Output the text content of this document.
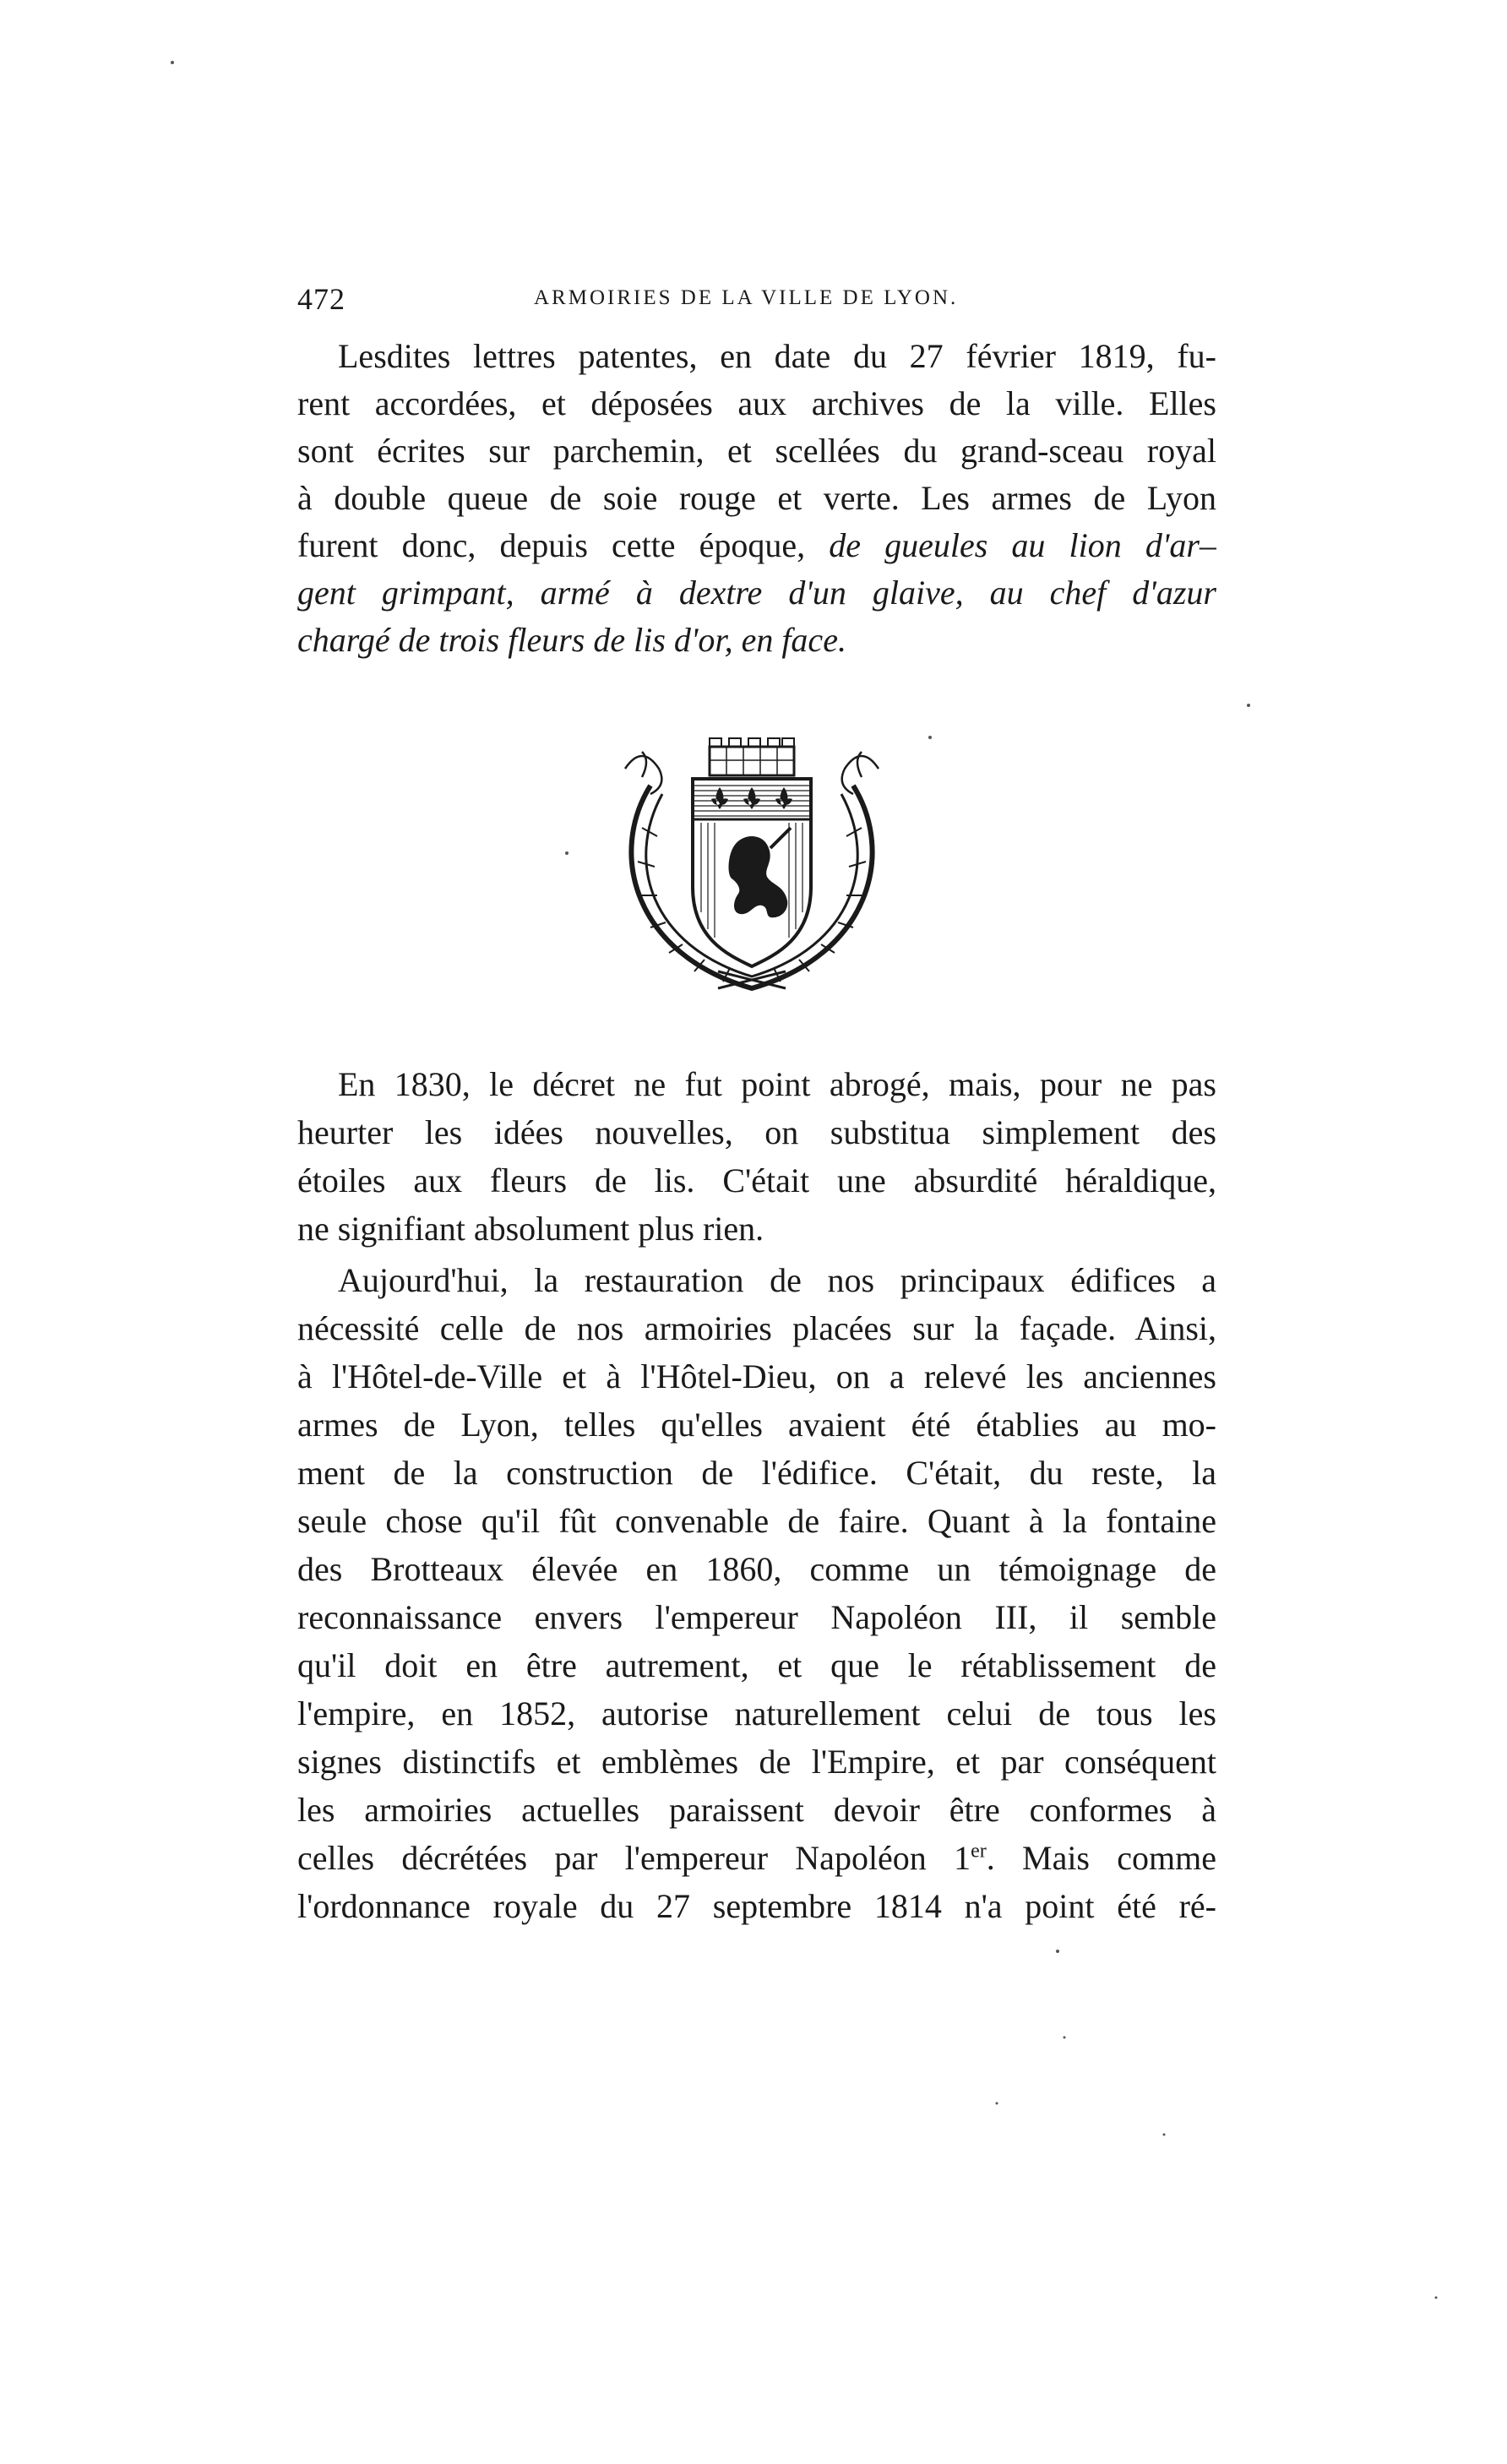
472	ARMOIRIES DE LA VILLE DE LYON.
Lesdites lettres patentes, en date du 27 février 1819, fu-
rent accordées, et déposées aux archives de la ville. Elles
sont écrites sur parchemin, et scellées du grand-sceau royal
à double queue de soie rouge et verte. Les armes de Lyon
furent donc, depuis cette époque, de gueules au lion d'ar–
gent grimpant, armé à dextre d'un glaive, au chef d'azur
chargé de trois fleurs de lis d'or, en face.
En 1830, le décret ne fut point abrogé, mais, pour ne pas
heurter les idées nouvelles, on substitua simplement des
étoiles aux fleurs de lis. C'était une absurdité héraldique,
ne signifiant absolument plus rien.
Aujourd'hui, la restauration de nos principaux édifices a
nécessité celle de nos armoiries placées sur la façade. Ainsi,
à l'Hôtel-de-Ville et à l'Hôtel-Dieu, on a relevé les anciennes
armes de Lyon, telles qu'elles avaient été établies au mo-
ment de la construction de l'édifice. C'était, du reste, la
seule chose qu'il fût convenable de faire. Quant à la fontaine
des Brotteaux élevée en 1860, comme un témoignage de
reconnaissance envers l'empereur Napoléon III, il semble
qu'il doit en être autrement, et que le rétablissement de
l'empire, en 1852, autorise naturellement celui de tous les
signes distinctifs et emblèmes de l'Empire, et par conséquent
les armoiries actuelles paraissent devoir être conformes à
celles décrétées par l'empereur Napoléon 1er. Mais comme
l'ordonnance royale du 27 septembre 1814 n'a point été ré-
